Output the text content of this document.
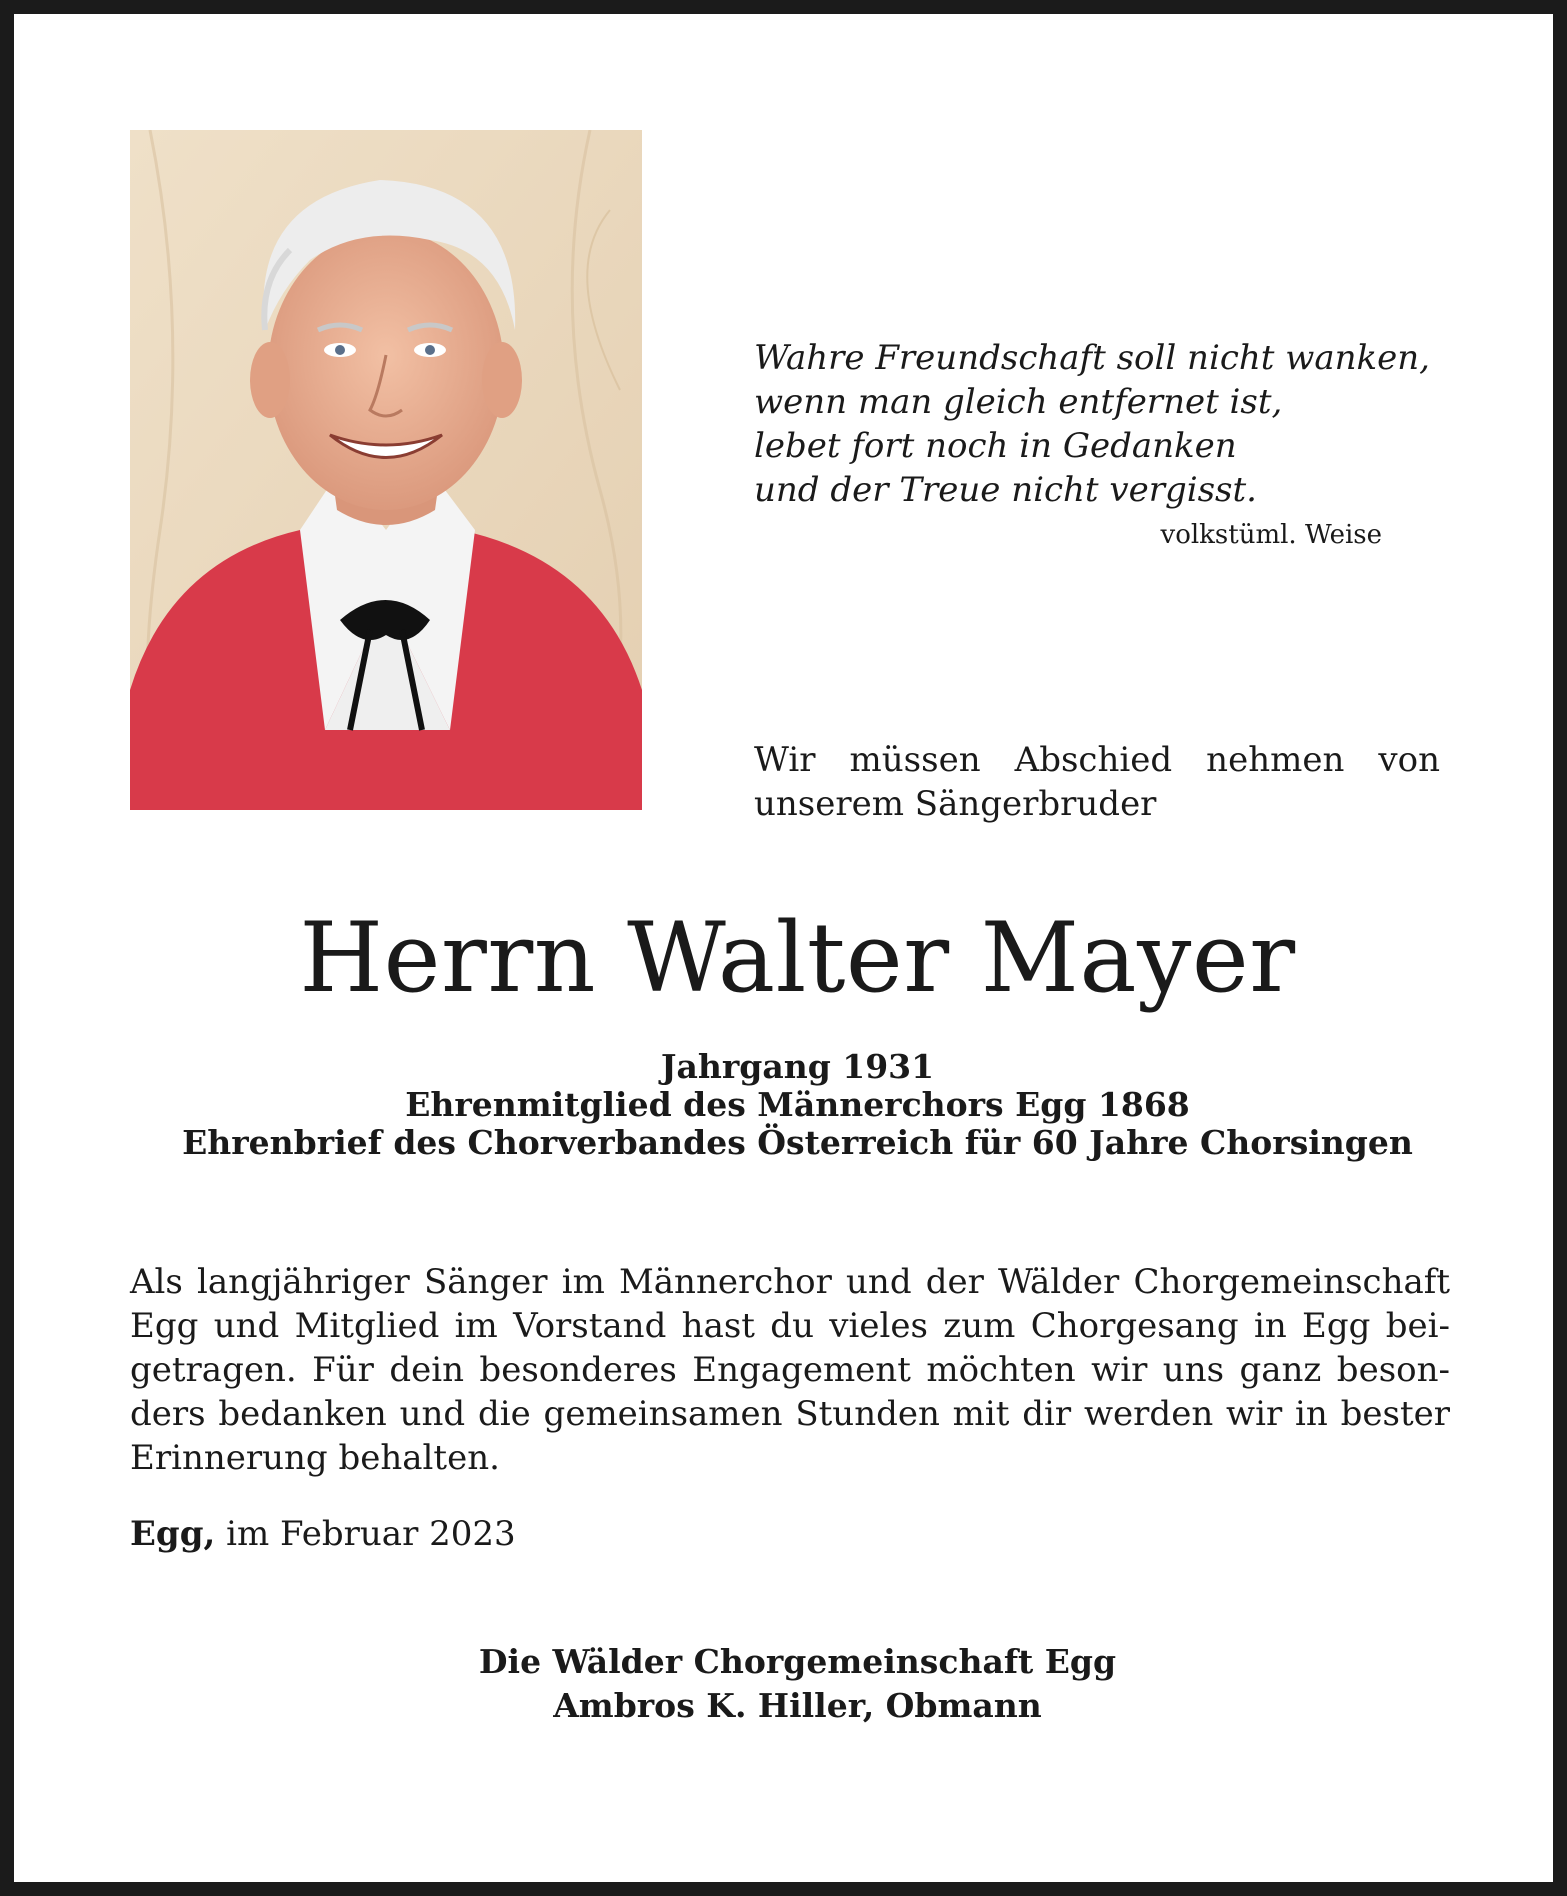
Wahre Freundschaft soll nicht wanken,
wenn man gleich entfernet ist,
lebet fort noch in Gedanken
und der Treue nicht vergisst.
volkstüml. Weise
Wir müssen Abschied nehmen von
unserem Sängerbruder
Herrn Walter Mayer
Jahrgang 1931
Ehrenmitglied des Männerchors Egg 1868
Ehrenbrief des Chorverbandes Österreich für 60 Jahre Chorsingen
Als langjähriger Sänger im Männerchor und der Wälder Chorgemeinschaft
Egg und Mitglied im Vorstand hast du vieles zum Chorgesang in Egg bei-
getragen. Für dein besonderes Engagement möchten wir uns ganz beson-
ders bedanken und die gemeinsamen Stunden mit dir werden wir in bester
Erinnerung behalten.
Egg, im Februar 2023
Die Wälder Chorgemeinschaft Egg
Ambros K. Hiller, Obmann
